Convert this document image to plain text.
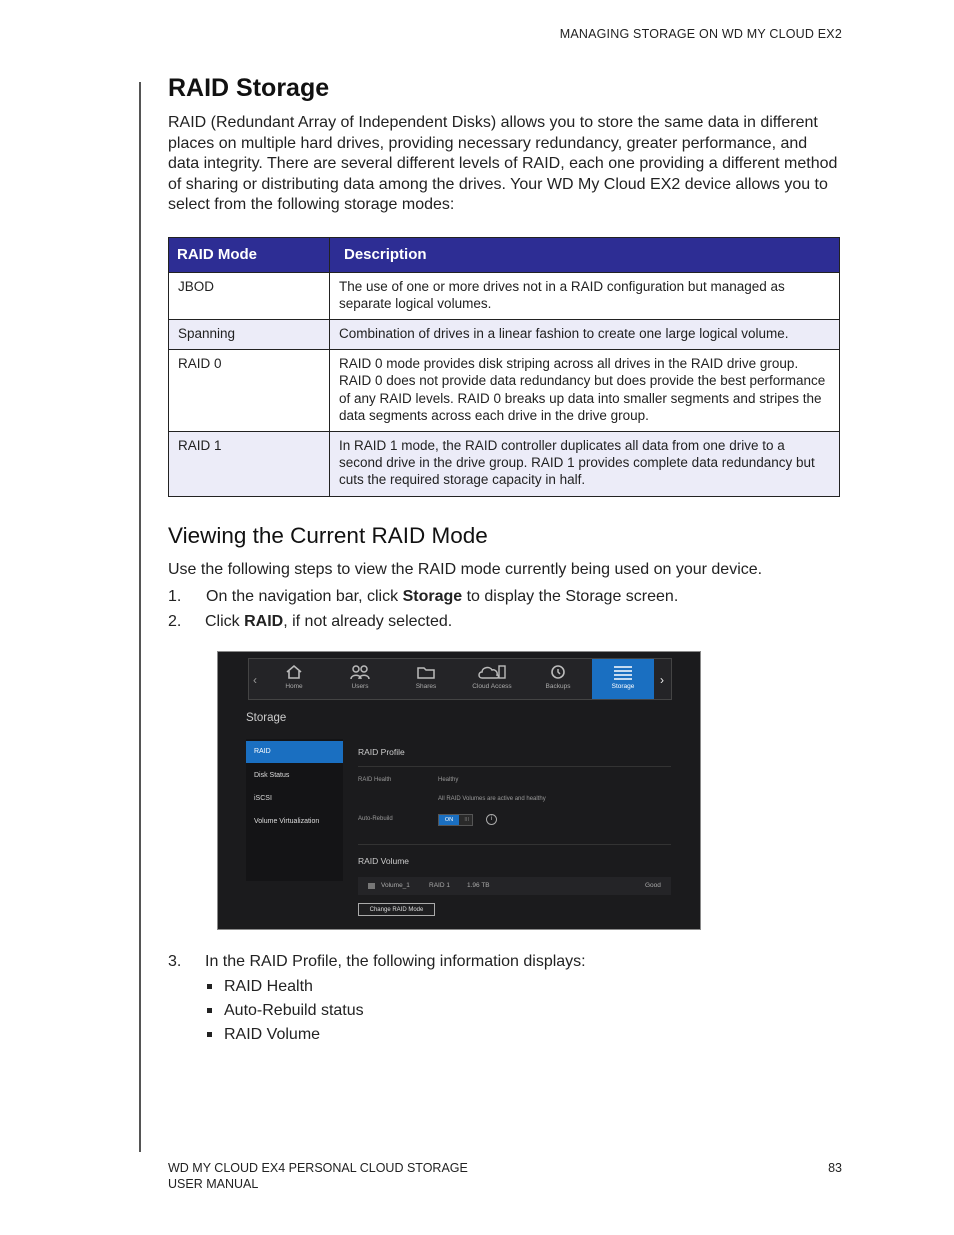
MANAGING STORAGE ON WD MY CLOUD EX2
RAID Storage

RAID (Redundant Array of Independent Disks) allows you to store the same data in different places on multiple hard drives, providing necessary redundancy, greater performance, and data integrity. There are several different levels of RAID, each one providing a different method of sharing or distributing data among the drives. Your WD My Cloud EX2 device allows you to select from the following storage modes:

RAID Mode	Description
JBOD	The use of one or more drives not in a RAID configuration but managed as separate logical volumes.
Spanning	Combination of drives in a linear fashion to create one large logical volume.
RAID 0	RAID 0 mode provides disk striping across all drives in the RAID drive group. RAID 0 does not provide data redundancy but does provide the best performance of any RAID levels. RAID 0 breaks up data into smaller segments and stripes the data segments across each drive in the drive group.
RAID 1	In RAID 1 mode, the RAID controller duplicates all data from one drive to a second drive in the drive group. RAID 1 provides complete data redundancy but cuts the required storage capacity in half.
Viewing the Current RAID Mode

Use the following steps to view the RAID mode currently being used on your device.

1. On the navigation bar, click Storage to display the Storage screen.
2. Click RAID, if not already selected.
‹	Home	Users	Shares	Cloud Access	Backups	Storage	›
Storage
RAID
Disk Status
iSCSI
Volume Virtualization
RAID Profile
RAID Health	Healthy
All RAID Volumes are active and healthy
Auto-Rebuild	ON	III	i
RAID Volume
Volume_1	RAID 1	1.96 TB	Good
Change RAID Mode
3. In the RAID Profile, the following information displays:
RAID Health
Auto-Rebuild status
RAID Volume
WD MY CLOUD EX4 PERSONAL CLOUD STORAGE
USER MANUAL
83
